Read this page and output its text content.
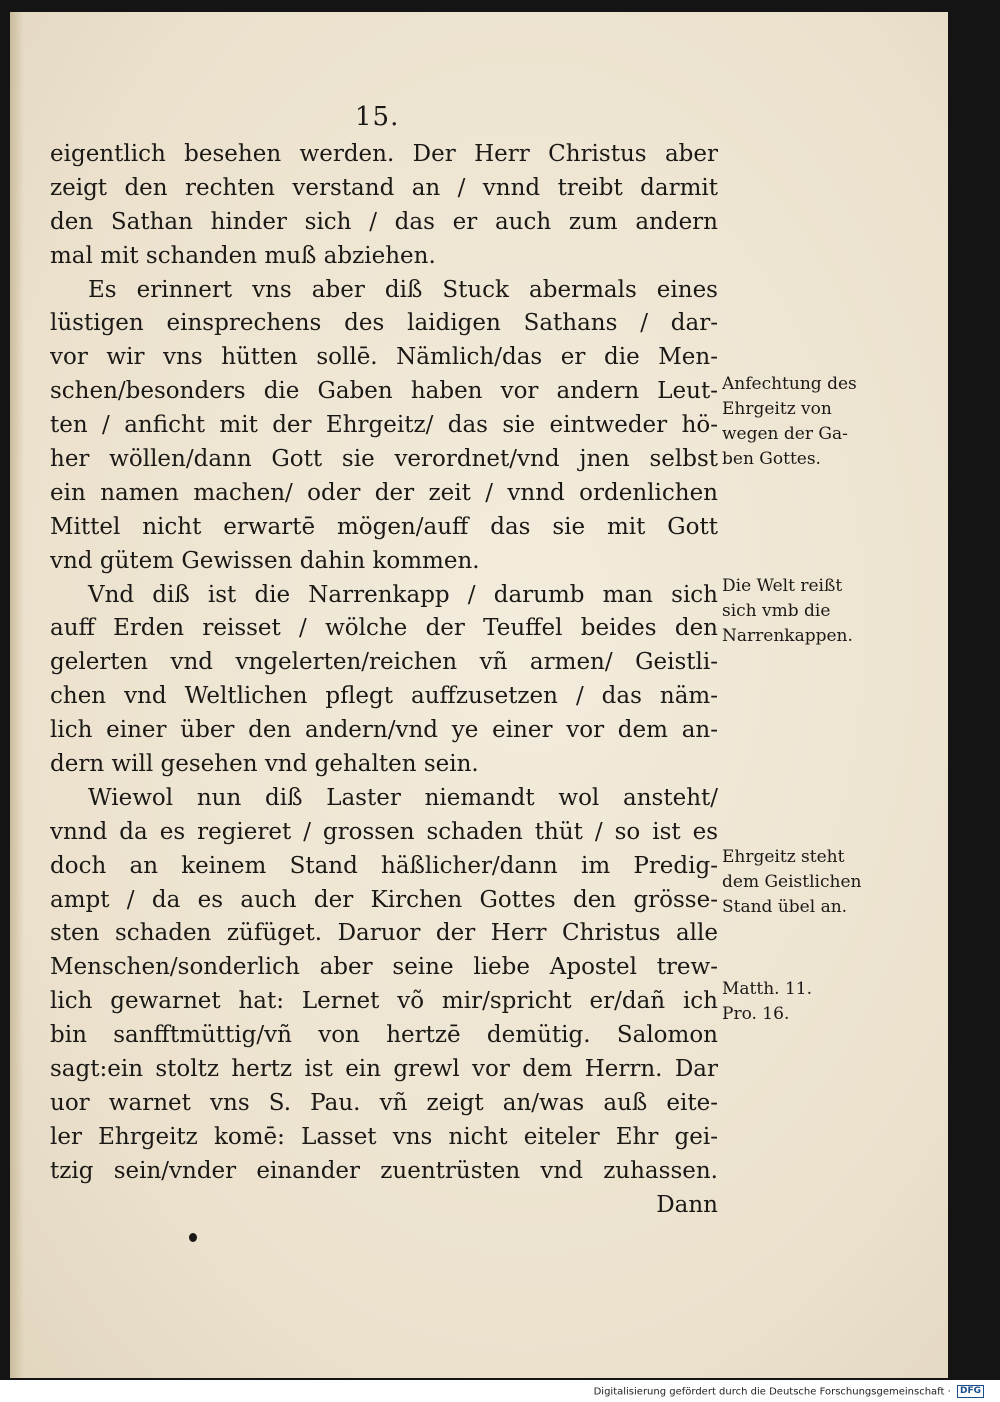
15.
eigentlich besehen werden. Der Herr Christus aber
zeigt den rechten verstand an / vnnd treibt darmit
den Sathan hinder sich / das er auch zum andern
mal mit schanden muß abziehen.
Es erinnert vns aber diß Stuck abermals eines
lüstigen einsprechens des laidigen Sathans / dar-
vor wir vns hütten sollē. Nämlich/das er die Men-
schen/besonders die Gaben haben vor andern Leut-
ten / anficht mit der Ehrgeitz/ das sie eintweder hö-
her wöllen/dann Gott sie verordnet/vnd jnen selbst
ein namen machen/ oder der zeit / vnnd ordenlichen
Mittel nicht erwartē mögen/auff das sie mit Gott
vnd gütem Gewissen dahin kommen.
Vnd diß ist die Narrenkapp / darumb man sich
auff Erden reisset / wölche der Teuffel beides den
gelerten vnd vngelerten/reichen vñ armen/ Geistli-
chen vnd Weltlichen pflegt auffzusetzen / das näm-
lich einer über den andern/vnd ye einer vor dem an-
dern will gesehen vnd gehalten sein.
Wiewol nun diß Laster niemandt wol ansteht/
vnnd da es regieret / grossen schaden thüt / so ist es
doch an keinem Stand häßlicher/dann im Predig-
ampt / da es auch der Kirchen Gottes den grösse-
sten schaden züfüget. Daruor der Herr Christus alle
Menschen/sonderlich aber seine liebe Apostel trew-
lich gewarnet hat: Lernet võ mir/spricht er/dañ ich
bin sanfftmüttig/vñ von hertzē demütig. Salomon
sagt:ein stoltz hertz ist ein grewl vor dem Herrn. Dar
uor warnet vns S. Pau. vñ zeigt an/was auß eite-
ler Ehrgeitz komē: Lasset vns nicht eiteler Ehr gei-
tzig sein/vnder einander zuentrüsten vnd zuhassen.
Dann
Anfechtung des
Ehrgeitz von
wegen der Ga-
ben Gottes.
Die Welt reißt
sich vmb die
Narrenkappen.
Ehrgeitz steht
dem Geistlichen
Stand übel an.
Matth. 11.
Pro. 16.
Digitalisierung gefördert durch die Deutsche Forschungsgemeinschaft · DFG
